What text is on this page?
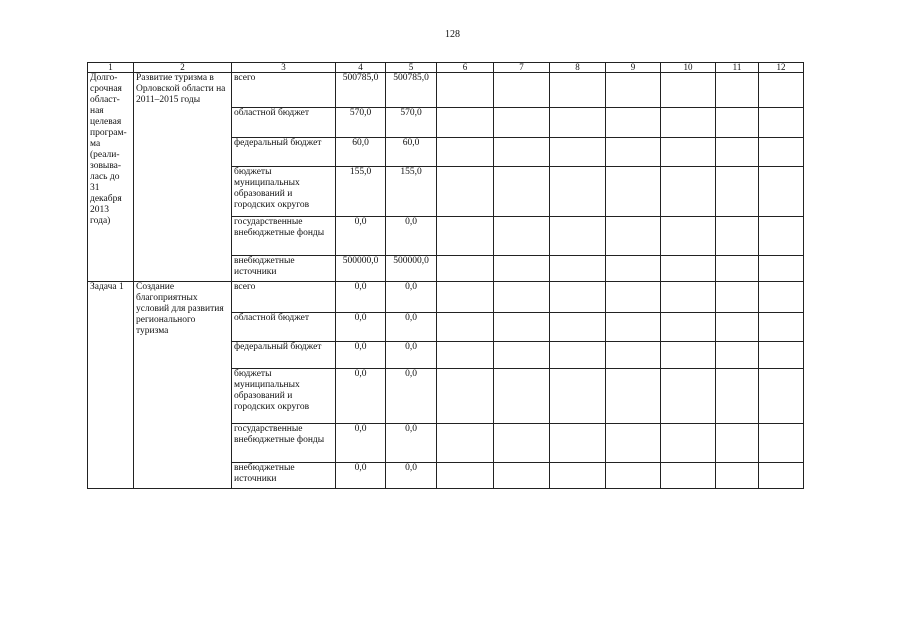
128
1	2	3	4	5	6	7	8	9	10	11	12
Долго-срочная област-ная целевая програм-ма (реали-зовыва-лась до 31 декабря 2013 года)	Развитие туризма в Орловской области на 2011–2015 годы	всего	500785,0	500785,0							
		областной бюджет	570,0	570,0							
		федеральный бюджет	60,0	60,0							
		бюджеты муниципальных образований и городских округов	155,0	155,0							
		государственные внебюджетные фонды	0,0	0,0							
		внебюджетные источники	500000,0	500000,0							
Задача 1	Создание благоприятных условий для развития регионального туризма	всего	0,0	0,0							
		областной бюджет	0,0	0,0							
		федеральный бюджет	0,0	0,0							
		бюджеты муниципальных образований и городских округов	0,0	0,0							
		государственные внебюджетные фонды	0,0	0,0							
		внебюджетные источники	0,0	0,0							
